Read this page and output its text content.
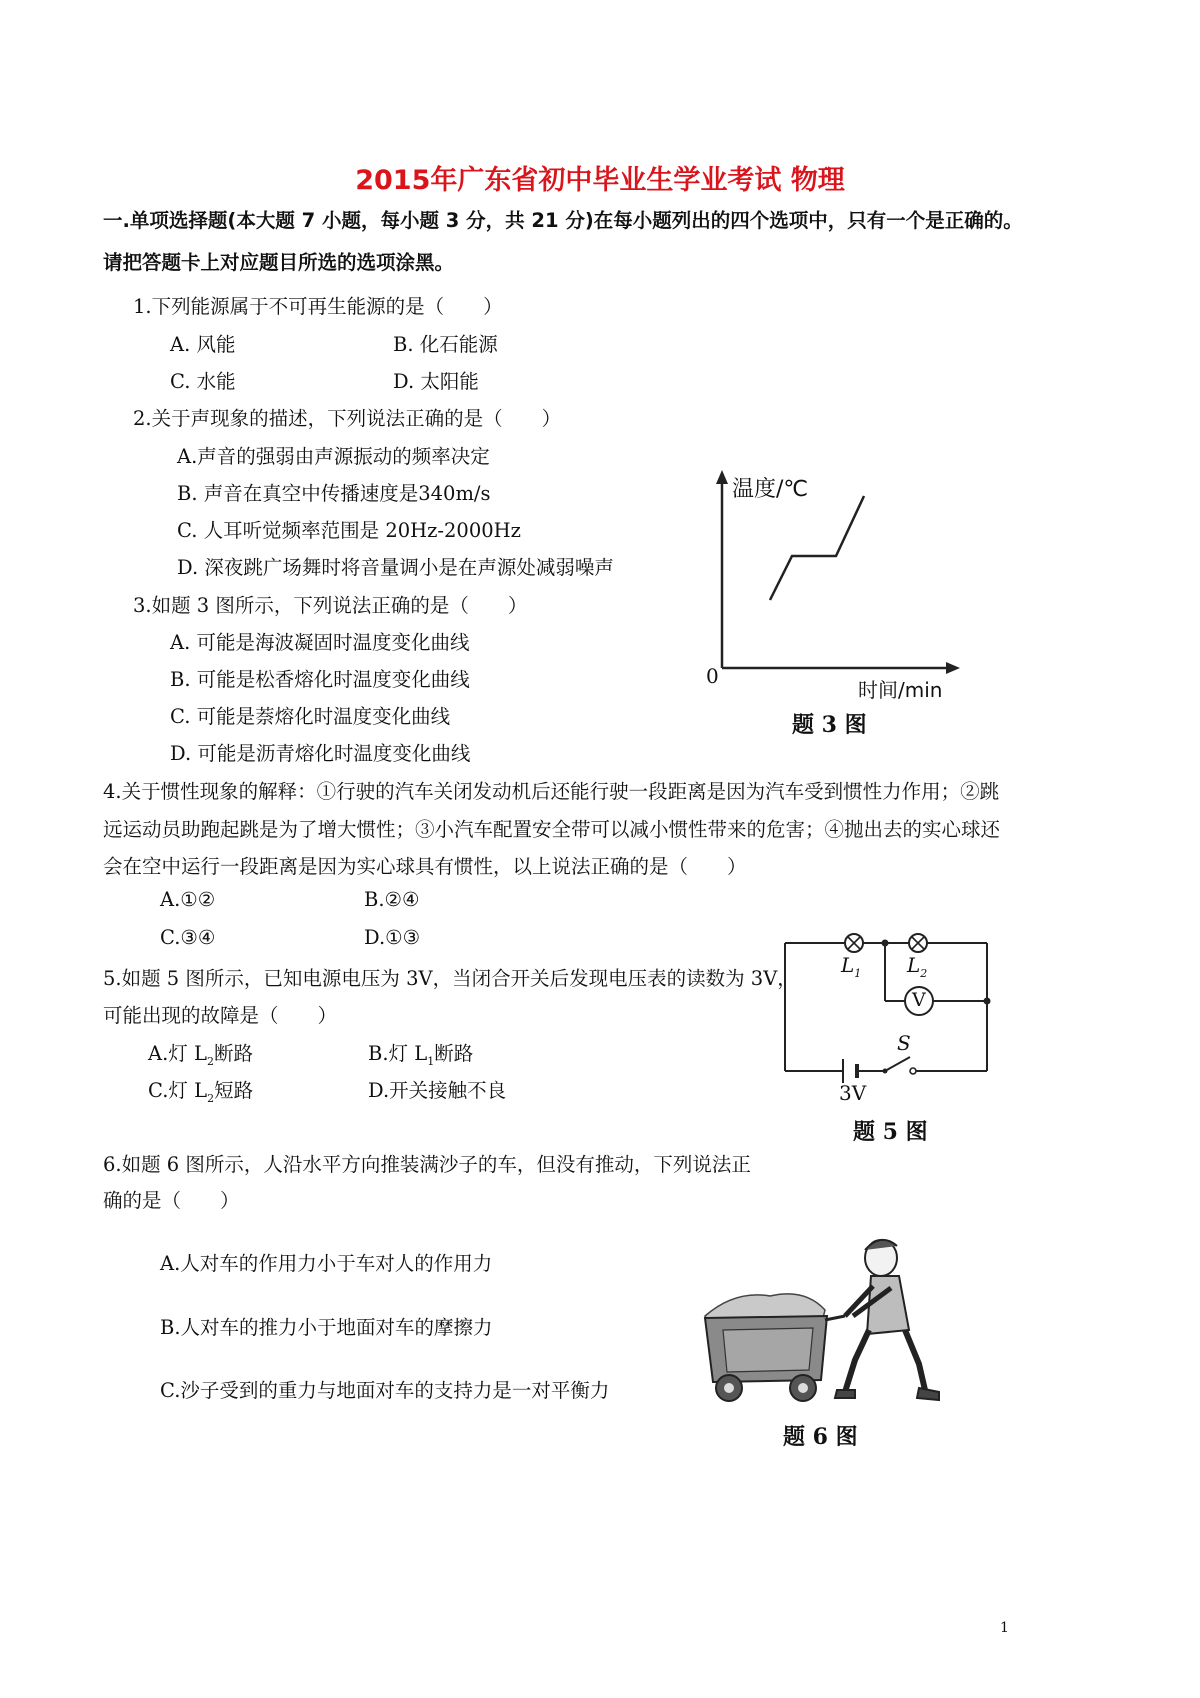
2015年广东省初中毕业生学业考试 物理
一.单项选择题(本大题 7 小题，每小题 3 分，共 21 分)在每小题列出的四个选项中，只有一个是正确的。
请把答题卡上对应题目所选的选项涂黑。
1.下列能源属于不可再生能源的是（　　）
A. 风能	B. 化石能源
C. 水能	D. 太阳能
2.关于声现象的描述，下列说法正确的是（　　）
A.声音的强弱由声源振动的频率决定
B. 声音在真空中传播速度是340m/s
C. 人耳听觉频率范围是 20Hz-2000Hz
D. 深夜跳广场舞时将音量调小是在声源处减弱噪声
3.如题 3 图所示，下列说法正确的是（　　）
A. 可能是海波凝固时温度变化曲线
B. 可能是松香熔化时温度变化曲线
C. 可能是萘熔化时温度变化曲线
D. 可能是沥青熔化时温度变化曲线
温度/℃
0
时间/min
题 3 图
4.关于惯性现象的解释：①行驶的汽车关闭发动机后还能行驶一段距离是因为汽车受到惯性力作用；②跳
远运动员助跑起跳是为了增大惯性；③小汽车配置安全带可以减小惯性带来的危害；④抛出去的实心球还
会在空中运行一段距离是因为实心球具有惯性，以上说法正确的是（　　）
A.①②	B.②④
C.③④	D.①③
5.如题 5 图所示，已知电源电压为 3V，当闭合开关后发现电压表的读数为 3V，
可能出现的故障是（　　）
A.灯 $L_2$断路	B.灯 $L_1$断路
C.灯 $L_2$短路	D.开关接触不良
$L_1$ $L_2$
V
S
3V
题 5 图
6.如题 6 图所示，人沿水平方向推装满沙子的车，但没有推动，下列说法正
确的是（　　）
A.人对车的作用力小于车对人的作用力
B.人对车的推力小于地面对车的摩擦力
C.沙子受到的重力与地面对车的支持力是一对平衡力
题 6 图
1
